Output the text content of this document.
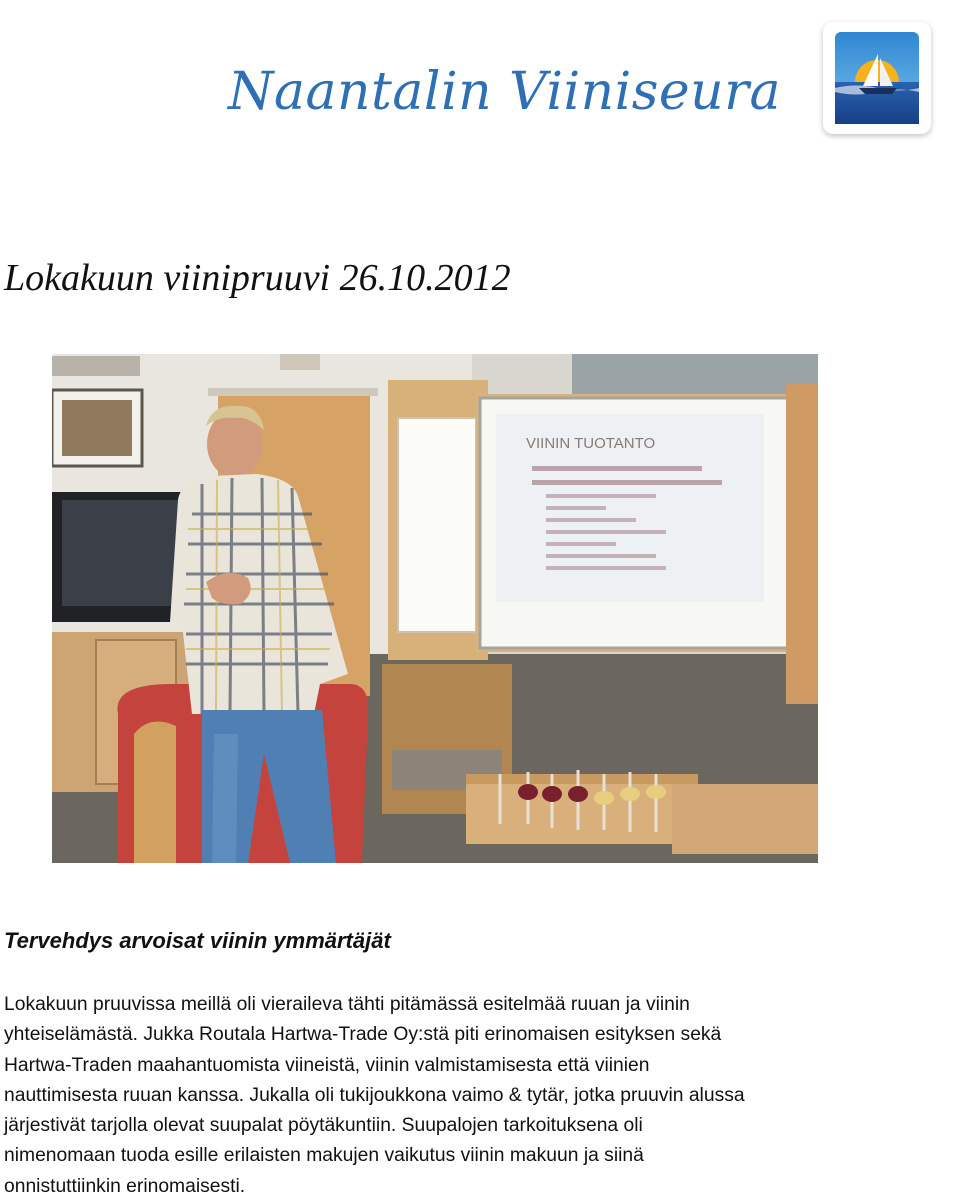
Naantalin Viiniseura
Lokakuun viinipruuvi 26.10.2012
VIININ TUOTANTO
Tervehdys arvoisat viinin ymmärtäjät
Lokakuun pruuvissa meillä oli vieraileva tähti pitämässä esitelmää ruuan ja viinin
yhteiselämästä. Jukka Routala Hartwa-Trade Oy:stä piti erinomaisen esityksen sekä
Hartwa-Traden maahantuomista viineistä, viinin valmistamisesta että viinien
nauttimisesta ruuan kanssa. Jukalla oli tukijoukkona vaimo & tytär, jotka pruuvin alussa
järjestivät tarjolla olevat suupalat pöytäkuntiin. Suupalojen tarkoituksena oli
nimenomaan tuoda esille erilaisten makujen vaikutus viinin makuun ja siinä
onnistuttiinkin erinomaisesti.
